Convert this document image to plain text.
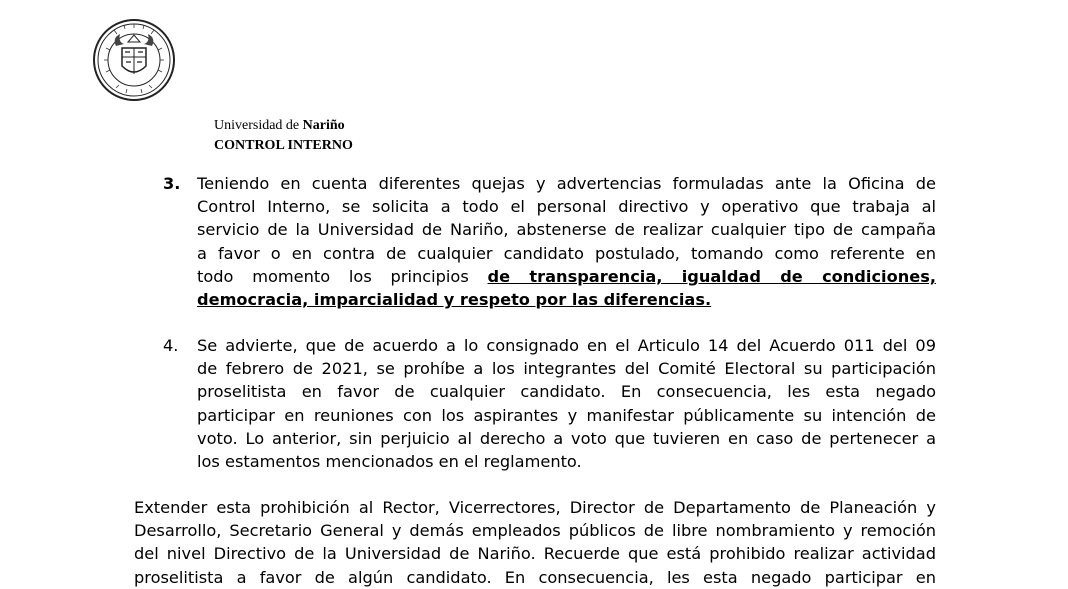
Universidad de Nariño
CONTROL INTERNO
3.	Teniendo en cuenta diferentes quejas y advertencias formuladas ante la Oficina de
Control Interno, se solicita a todo el personal directivo y operativo que trabaja al
servicio de la Universidad de Nariño, abstenerse de realizar cualquier tipo de campaña
a favor o en contra de cualquier candidato postulado, tomando como referente en
todo momento los principios de transparencia, igualdad de condiciones,
democracia, imparcialidad y respeto por las diferencias.
4.	Se advierte, que de acuerdo a lo consignado en el Articulo 14 del Acuerdo 011 del 09
de febrero de 2021, se prohíbe a los integrantes del Comité Electoral su participación
proselitista en favor de cualquier candidato. En consecuencia, les esta negado
participar en reuniones con los aspirantes y manifestar públicamente su intención de
voto. Lo anterior, sin perjuicio al derecho a voto que tuvieren en caso de pertenecer a
los estamentos mencionados en el reglamento.
Extender esta prohibición al Rector, Vicerrectores, Director de Departamento de Planeación y
Desarrollo, Secretario General y demás empleados públicos de libre nombramiento y remoción
del nivel Directivo de la Universidad de Nariño. Recuerde que está prohibido realizar actividad
proselitista a favor de algún candidato. En consecuencia, les esta negado participar en
